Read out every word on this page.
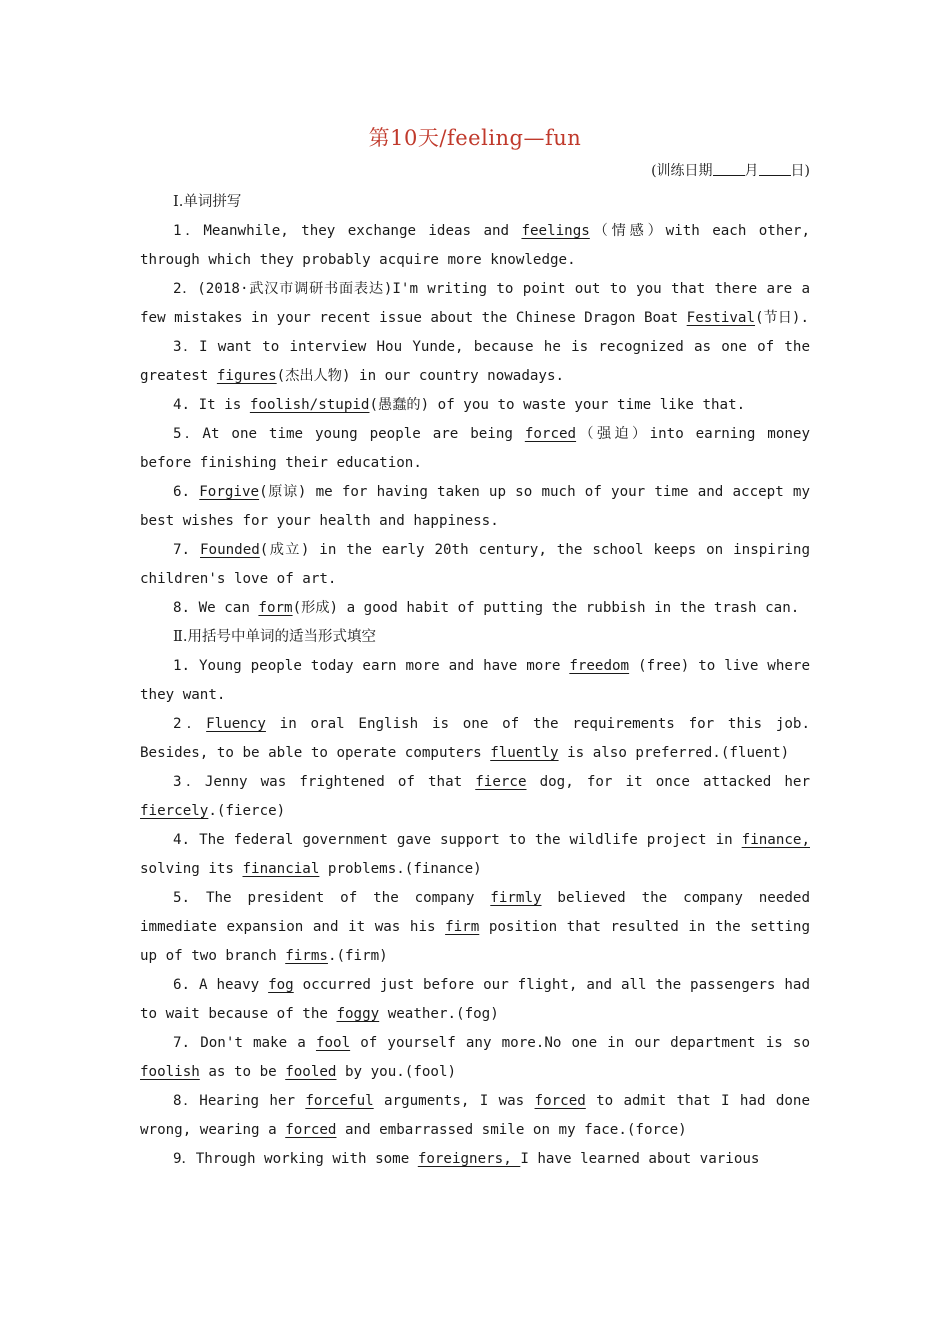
第10天/feeling—fun
(训练日期 月 日)

Ⅰ.单词拼写

1．Meanwhile, they exchange ideas and feelings（情感）with each other, through which they probably acquire more knowledge.

2．(2018·武汉市调研书面表达)I'm writing to point out to you that there are a few mistakes in your recent issue about the Chinese Dragon Boat Festival(节日).

3．I want to interview Hou Yunde, because he is recognized as one of the greatest figures(杰出人物) in our country nowadays.

4. It is foolish/stupid(愚蠢的) of you to waste your time like that.

5．At one time young people are being forced（强迫）into earning money before finishing their education.

6. Forgive(原谅) me for having taken up so much of your time and accept my best wishes for your health and happiness.

7. Founded(成立) in the early 20th century, the school keeps on inspiring children's love of art.

8. We can form(形成) a good habit of putting the rubbish in the trash can.

Ⅱ.用括号中单词的适当形式填空

1. Young people today earn more and have more freedom (free) to live where they want.

2．Fluency in oral English is one of the requirements for this job. Besides, to be able to operate computers fluently is also preferred.(fluent)

3．Jenny was frightened of that fierce dog, for it once attacked her fiercely.(fierce)

4. The federal government gave support to the wildlife project in finance, solving its financial problems.(finance)

5. The president of the company firmly believed the company needed immediate expansion and it was his firm position that resulted in the setting up of two branch firms.(firm)

6. A heavy fog occurred just before our flight, and all the passengers had to wait because of the foggy weather.(fog)

7. Don't make a fool of yourself any more.No one in our department is so foolish as to be fooled by you.(fool)

8．Hearing her forceful arguments, I was forced to admit that I had done wrong, wearing a forced and embarrassed smile on my face.(force)

9．Through working with some foreigners, I have learned about various
